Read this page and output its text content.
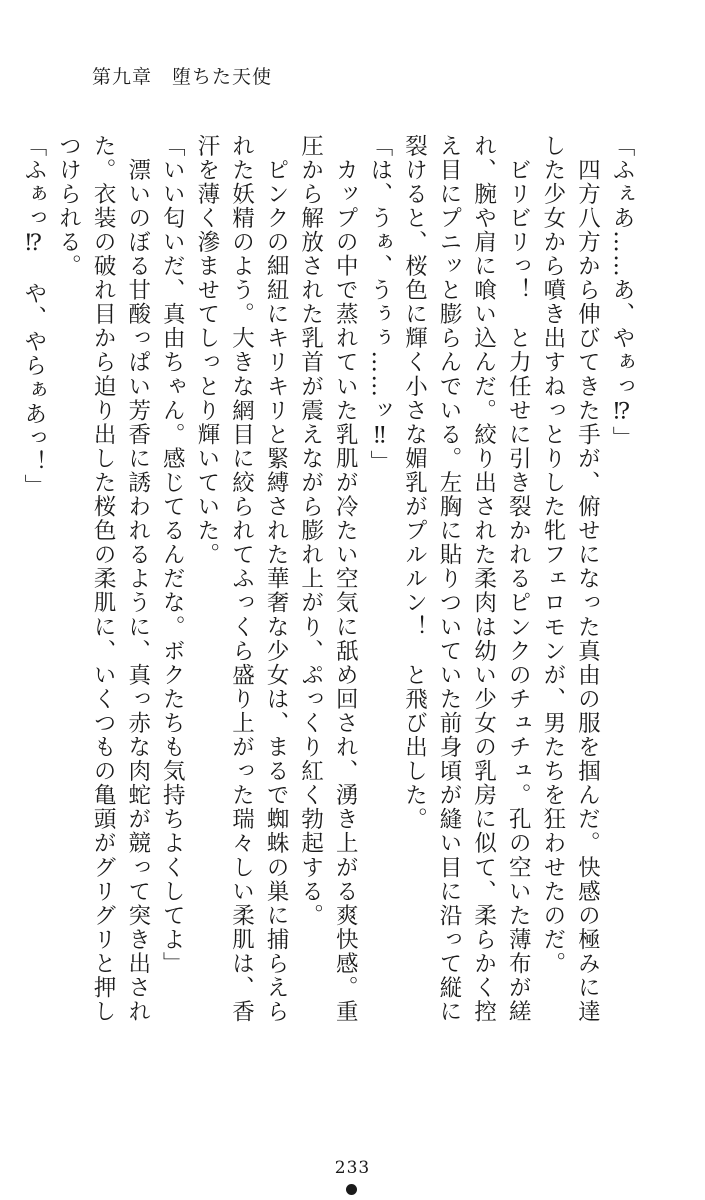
第九章　堕ちた天使

「ふぇあ……あ、やぁっ⁉」

　四方八方から伸びてきた手が、俯せになった真由の服を掴んだ。快感の極みに達した少女から噴き出すねっとりした牝フェロモンが、男たちを狂わせたのだ。

　ビリビリっ！　と力任せに引き裂かれるピンクのチュチュ。孔の空いた薄布が縒れ、腕や肩に喰い込んだ。絞り出された柔肉は幼い少女の乳房に似て、柔らかく控え目にプニッと膨らんでいる。左胸に貼りついていた前身頃が縫い目に沿って縦に裂けると、桜色に輝く小さな媚乳がプルルン！　と飛び出した。

「は、うぁ、うぅぅ……ッ‼」

　カップの中で蒸れていた乳肌が冷たい空気に舐め回され、湧き上がる爽快感。重圧から解放された乳首が震えながら膨れ上がり、ぷっくり紅く勃起する。

　ピンクの細紐にキリキリと緊縛された華奢な少女は、まるで蜘蛛の巣に捕らえられた妖精のよう。大きな網目に絞られてふっくら盛り上がった瑞々しい柔肌は、香汗を薄く滲ませてしっとり輝いていた。

「いい匂いだ、真由ちゃん。感じてるんだな。ボクたちも気持ちよくしてよ」

　漂いのぼる甘酸っぱい芳香に誘われるように、真っ赤な肉蛇が競って突き出された。衣装の破れ目から迫り出した桜色の柔肌に、いくつもの亀頭がグリグリと押しつけられる。

「ふぁっ⁉　や、やらぁあっ！」

233
